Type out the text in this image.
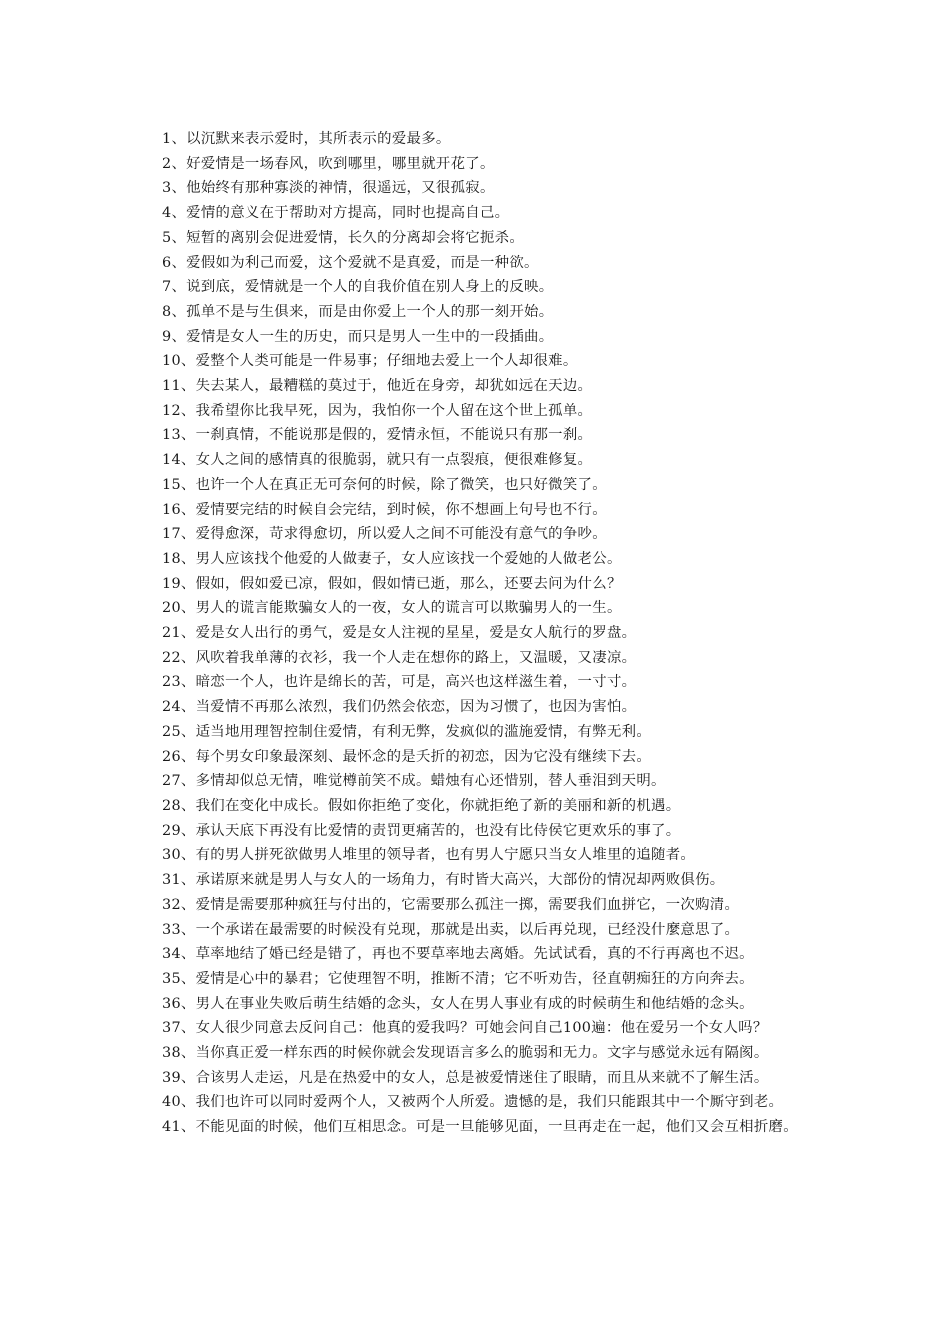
1、以沉默来表示爱时，其所表示的爱最多。

2、好爱情是一场春风，吹到哪里，哪里就开花了。

3、他始终有那种寡淡的神情，很遥远，又很孤寂。

4、爱情的意义在于帮助对方提高，同时也提高自己。

5、短暂的离别会促进爱情，长久的分离却会将它扼杀。

6、爱假如为利己而爱，这个爱就不是真爱，而是一种欲。

7、说到底，爱情就是一个人的自我价值在别人身上的反映。

8、孤单不是与生俱来，而是由你爱上一个人的那一刻开始。

9、爱情是女人一生的历史，而只是男人一生中的一段插曲。

10、爱整个人类可能是一件易事；仔细地去爱上一个人却很难。

11、失去某人，最糟糕的莫过于，他近在身旁，却犹如远在天边。

12、我希望你比我早死，因为，我怕你一个人留在这个世上孤单。

13、一刹真情，不能说那是假的，爱情永恒，不能说只有那一刹。

14、女人之间的感情真的很脆弱，就只有一点裂痕，便很难修复。

15、也许一个人在真正无可奈何的时候，除了微笑，也只好微笑了。

16、爱情要完结的时候自会完结，到时候，你不想画上句号也不行。

17、爱得愈深，苛求得愈切，所以爱人之间不可能没有意气的争吵。

18、男人应该找个他爱的人做妻子，女人应该找一个爱她的人做老公。

19、假如，假如爱已凉，假如，假如情已逝，那么，还要去问为什么？

20、男人的谎言能欺骗女人的一夜，女人的谎言可以欺骗男人的一生。

21、爱是女人出行的勇气，爱是女人注视的星星，爱是女人航行的罗盘。

22、风吹着我单薄的衣衫，我一个人走在想你的路上，又温暖，又凄凉。

23、暗恋一个人，也许是绵长的苦，可是，高兴也这样滋生着，一寸寸。

24、当爱情不再那么浓烈，我们仍然会依恋，因为习惯了，也因为害怕。

25、适当地用理智控制住爱情，有利无弊，发疯似的滥施爱情，有弊无利。

26、每个男女印象最深刻、最怀念的是夭折的初恋，因为它没有继续下去。

27、多情却似总无情，唯觉樽前笑不成。蜡烛有心还惜别，替人垂泪到天明。

28、我们在变化中成长。假如你拒绝了变化，你就拒绝了新的美丽和新的机遇。

29、承认天底下再没有比爱情的责罚更痛苦的，也没有比侍侯它更欢乐的事了。

30、有的男人拼死欲做男人堆里的领导者，也有男人宁愿只当女人堆里的追随者。

31、承诺原来就是男人与女人的一场角力，有时皆大高兴，大部份的情况却两败俱伤。

32、爱情是需要那种疯狂与付出的，它需要那么孤注一掷，需要我们血拼它，一次购清。

33、一个承诺在最需要的时候没有兑现，那就是出卖，以后再兑现，已经没什麼意思了。

34、草率地结了婚已经是错了，再也不要草率地去离婚。先试试看，真的不行再离也不迟。

35、爱情是心中的暴君；它使理智不明，推断不清；它不听劝告，径直朝痴狂的方向奔去。

36、男人在事业失败后萌生结婚的念头，女人在男人事业有成的时候萌生和他结婚的念头。

37、女人很少同意去反问自己：他真的爱我吗？可她会问自己100遍：他在爱另一个女人吗？

38、当你真正爱一样东西的时候你就会发现语言多么的脆弱和无力。文字与感觉永远有隔阂。

39、合该男人走运，凡是在热爱中的女人，总是被爱情迷住了眼睛，而且从来就不了解生活。

40、我们也许可以同时爱两个人，又被两个人所爱。遗憾的是，我们只能跟其中一个厮守到老。

41、不能见面的时候，他们互相思念。可是一旦能够见面，一旦再走在一起，他们又会互相折磨。
